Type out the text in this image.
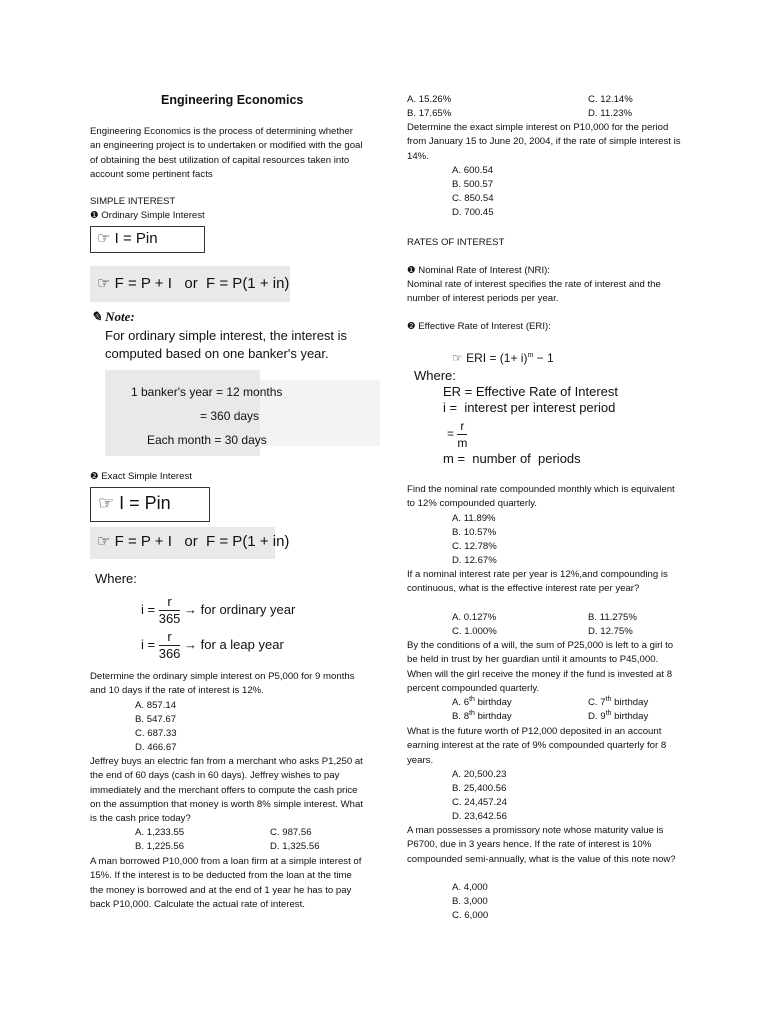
Engineering Economics
Engineering Economics is the process of determining whether an engineering project is to undertaken or modified with the goal of obtaining the best utilization of capital resources taken into account some pertinent facts
SIMPLE INTEREST
❶ Ordinary Simple Interest
☞ I = Pin
☞ F = P + I   or  F = P(1 + in)
✎ Note:
For ordinary simple interest, the interest is computed based on one banker's year.
1 banker's year = 12 months
= 360 days
Each month = 30 days
❷ Exact Simple Interest
☞ I = Pin
☞ F = P + I   or  F = P(1 + in)
Where:
$i = \frac{r}{365}$ → for ordinary year
$i = \frac{r}{366}$ → for a leap year
Determine the ordinary simple interest on P5,000 for 9 months and 10 days if the rate of interest is 12%.
A. 857.14
B. 547.67
C. 687.33
D. 466.67
Jeffrey buys an electric fan from a merchant who asks P1,250 at the end of 60 days (cash in 60 days). Jeffrey wishes to pay immediately and the merchant offers to compute the cash price on the assumption that money is worth 8% simple interest. What is the cash price today?
A. 1,233.55	C. 987.56
B. 1,225.56	D. 1,325.56
A man borrowed P10,000 from a loan firm at a simple interest of 15%. If the interest is to be deducted from the loan at the time the money is borrowed and at the end of 1 year he has to pay back P10,000. Calculate the actual rate of interest.
A. 15.26%	C. 12.14%
B. 17.65%	D. 11.23%
Determine the exact simple interest on P10,000 for the period from January 15 to June 20, 2004, if the rate of simple interest is 14%.
A. 600.54
B. 500.57
C. 850.54
D. 700.45
RATES OF INTEREST
❶ Nominal Rate of Interest (NRI):
Nominal rate of interest specifies the rate of interest and the number of interest periods per year.
❷ Effective Rate of Interest (ERI):
☞ ERI = $(1+ i)^m - 1$
Where:
ER = Effective Rate of Interest
i =  interest per interest period
= $\frac{r}{m}$
m =  number of  periods
Find the nominal rate compounded monthly which is equivalent to 12% compounded quarterly.
A. 11.89%
B. 10.57%
C. 12.78%
D. 12.67%
If a nominal interest rate per year is 12%,and compounding is continuous, what is the effective interest rate per year?
A. 0.127%	B. 11.275%
C. 1.000%	D. 12.75%
By the conditions of a will, the sum of P25,000 is left to a girl to be held in trust by her guardian until it amounts to P45,000. When will the girl receive the money if the fund is invested at 8 percent compounded quarterly.
A. 6th birthday	C. 7th birthday
B. 8th birthday	D. 9th birthday
What is the future worth of P12,000 deposited in an account earning interest at the rate of 9% compounded quarterly for 8 years.
A. 20,500.23
B. 25,400.56
C. 24,457.24
D. 23,642.56
A man possesses a promissory note whose maturity value is P6700, due in 3 years hence. If the rate of interest is 10% compounded semi-annually, what is the value of this note now?
A. 4,000
B. 3,000
C. 6,000
